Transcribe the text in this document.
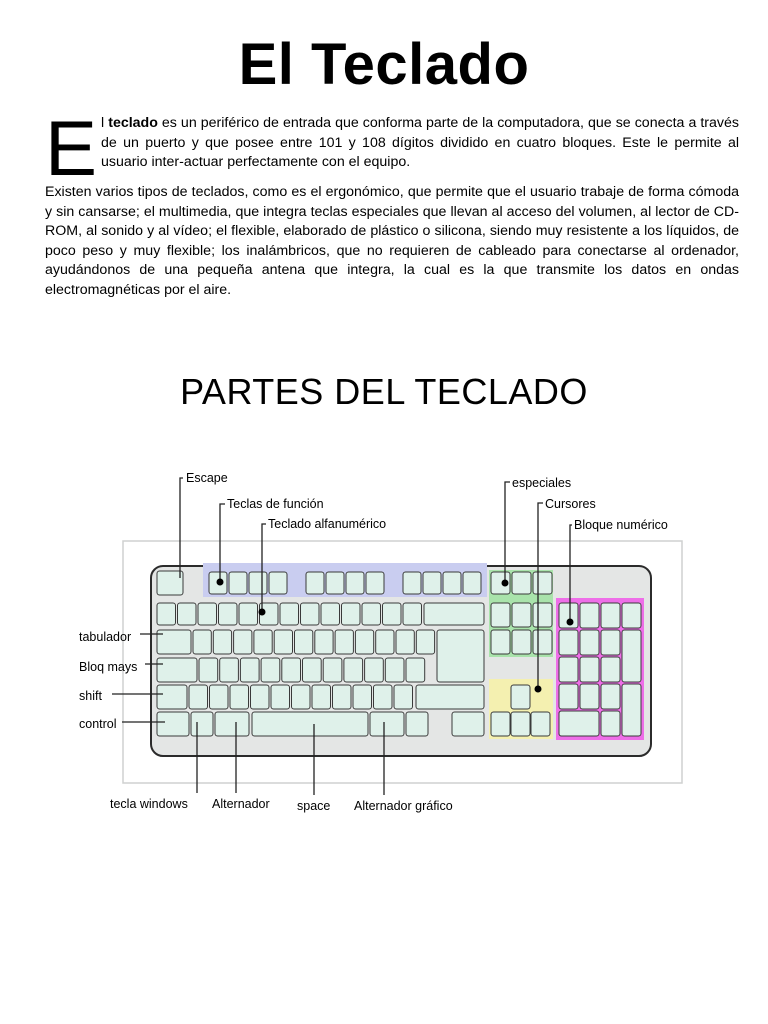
El Teclado
El teclado es un periférico de entrada que conforma parte de la computadora, que se conecta a través de un puerto y que posee entre 101 y 108 dígitos dividido en cuatro bloques. Este le permite al usuario inter-actuar perfectamente con el equipo.
Existen varios tipos de teclados, como es el ergonómico, que permite que el usuario trabaje de forma cómoda y sin cansarse; el multimedia, que integra teclas especiales que llevan al acceso del volumen, al lector de CD-ROM, al sonido y al vídeo; el flexible, elaborado de plástico o silicona, siendo muy resistente a los líquidos, de poco peso y muy flexible; los inalámbricos, que no requieren de cableado para conectarse al ordenador, ayudándonos de una pequeña antena que integra, la cual es la que transmite los datos en ondas electromagnéticas por el aire.
PARTES DEL TECLADO
Escape
Teclas de función
Teclado alfanumérico
especiales
Cursores
Bloque numérico
tabulador
Bloq mays
shift
control
tecla windows Alternador space Alternador gráfico
